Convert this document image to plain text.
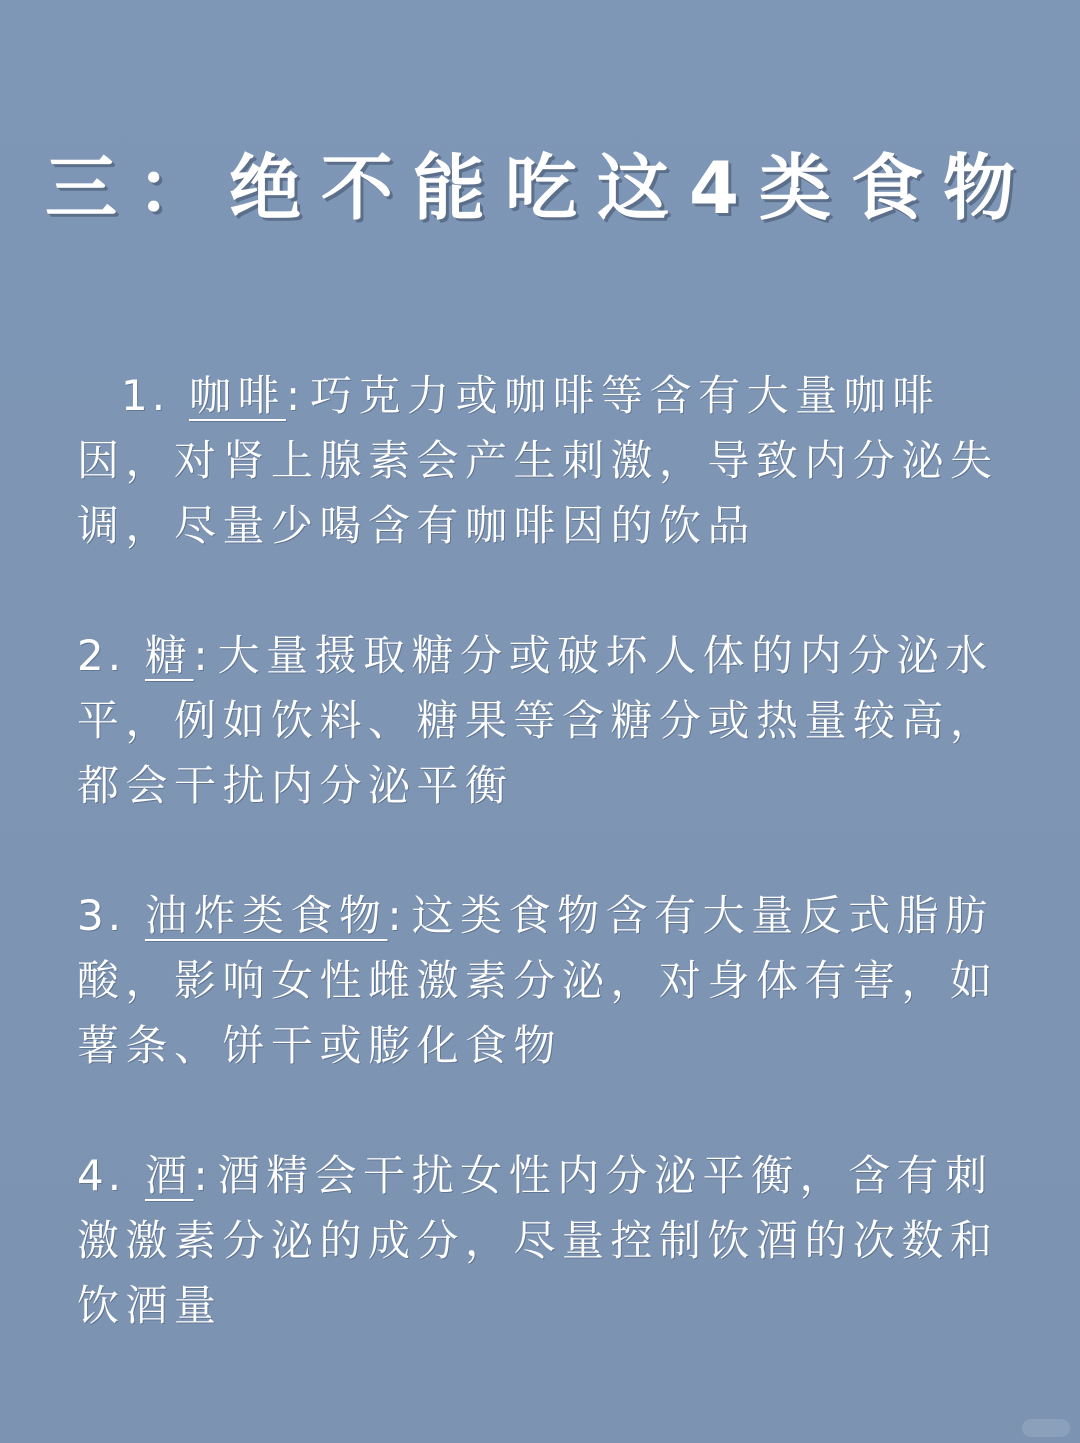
三：绝不能吃这4类食物
1. 咖啡:巧克力或咖啡等含有大量咖啡因，对肾上腺素会产生刺激，导致内分泌失调，尽量少喝含有咖啡因的饮品
2. 糖:大量摄取糖分或破坏人体的内分泌水平，例如饮料、糖果等含糖分或热量较高，都会干扰内分泌平衡
3. 油炸类食物:这类食物含有大量反式脂肪酸，影响女性雌激素分泌，对身体有害，如薯条、饼干或膨化食物
4. 酒:酒精会干扰女性内分泌平衡，含有刺激激素分泌的成分，尽量控制饮酒的次数和饮酒量
